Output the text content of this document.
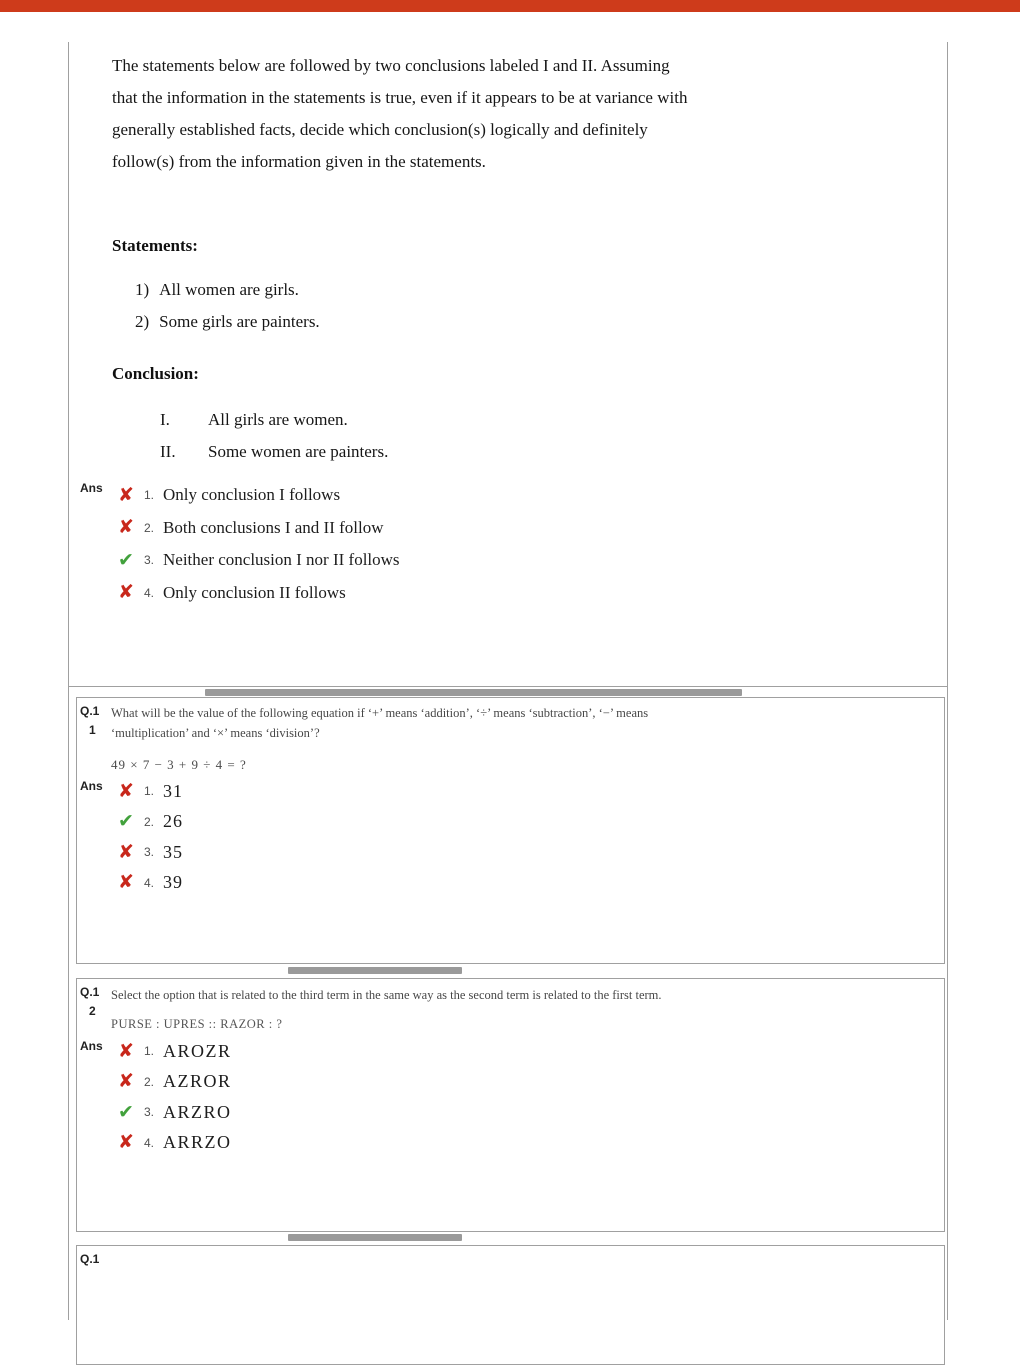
The statements below are followed by two conclusions labeled I and II. Assuming that the information in the statements is true, even if it appears to be at variance with generally established facts, decide which conclusion(s) logically and definitely follow(s) from the information given in the statements.
Statements:
1) All women are girls.
2) Some girls are painters.
Conclusion:
I.	All girls are women.
II.	Some women are painters.
Ans
✘
1. Only conclusion I follows
✘
2. Both conclusions I and II follow
✔
3. Neither conclusion I nor II follows
✘
4. Only conclusion II follows
Q.1
1
What will be the value of the following equation if ‘+’ means ‘addition’, ‘÷’ means ‘subtraction’, ‘−’ means ‘multiplication’ and ‘×’ means ‘division’?
49 × 7 − 3 + 9 ÷ 4 = ?
Ans ✘	1. 31
✔
2. 26
✘
3. 35
✘
4. 39
Q.1
2
Select the option that is related to the third term in the same way as the second term is related to the first term.
PURSE : UPRES :: RAZOR : ?
Ans ✘	1. AROZR
✘
2. AZROR
✔
3. ARZRO
✘
4. ARRZO
Q.1
